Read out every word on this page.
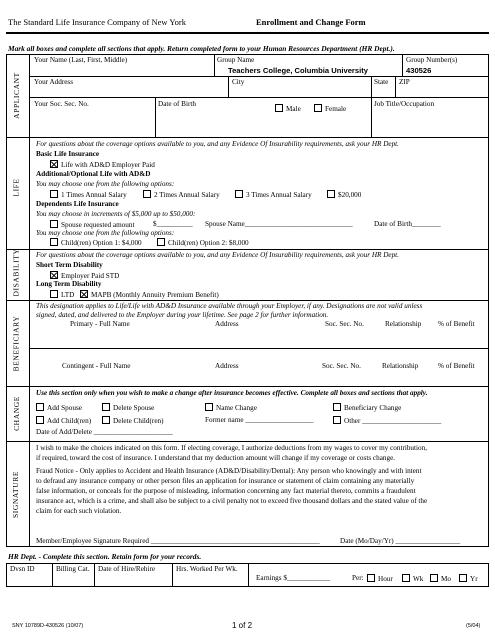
The Standard Life Insurance Company of New York	Enrollment and Change Form
Mark all boxes and complete all sections that apply. Return completed form to your Human Resources Department (HR Dept.).
APPLICANT
Your Name (Last, First, Middle)	Group Name
Teachers College, Columbia University
Group Number(s)
430526
Your Address	City	State ZIP
Your Soc. Sec. No.	Date of Birth
Male	Female
Job Title/Occupation
LIFE
For questions about the coverage options available to you, and any Evidence Of Insurability requirements, ask your HR Dept.
Basic Life Insurance
Life with AD&D Employer Paid
Additional/Optional Life with AD&D
You may choose one from the following options:
1 Times Annual Salary	2 Times Annual Salary	3 Times Annual Salary	$20,000
Dependents Life Insurance
You may choose in increments of $5,000 up to $50,000:
Spouse requested amount	$__________ Spouse Name______________________________	Date of Birth________
You may choose one from the following options:
Child(ren) Option 1: $4,000	Child(ren) Option 2: $8,000
DISABILITY For questions about the coverage options available to you, and any Evidence Of Insurability requirements, ask your HR Dept.
Short Term Disability
Employer Paid STD
Long Term Disability
LTD	MAPB (Monthly Annuity Premium Benefit)
BENEFICIARY
This designation applies to Life/Life with AD&D Insurance available through your Employer, if any. Designations are not valid unless
signed, dated, and delivered to the Employer during your lifetime. See page 2 for further information.
Primary - Full Name	Address	Soc. Sec. No.	Relationship % of Benefit
Contingent - Full Name	Address	Soc. Sec. No.	Relationship	% of Benefit
CHANGE
Use this section only when you wish to make a change after insurance becomes effective. Complete all boxes and sections that apply.
Add Spouse	Delete Spouse	Name Change	Beneficiary Change
Add Child(ren)	Delete Child(ren)	Former name ___________________	Other ______________________
Date of Add/Delete ______________________
SIGNATURE
I wish to make the choices indicated on this form. If electing coverage, I authorize deductions from my wages to cover my contribution,
if required, toward the cost of insurance. I understand that my deduction amount will change if my coverage or costs change.
Fraud Notice - Only applies to Accident and Health Insurance (AD&D/Disability/Dental): Any person who knowingly and with intent
to defraud any insurance company or other person files an application for insurance or statement of claim containing any materially
false information, or conceals for the purpose of misleading, information concerning any fact material thereto, commits a fraudulent
insurance act, which is a crime, and shall also be subject to a civil penalty not to exceed five thousand dollars and the stated value of the
claim for each such violation.
Member/Employee Signature Required _______________________________________________	Date (Mo/Day/Yr) __________________
HR Dept. - Complete this section. Retain form for your records.
Dvsn ID	Billing Cat. Date of Hire/Rehire	Hrs. Worked Per Wk.
Earnings $____________	Per:	Hour	Wk	Mo	Yr
SNY 10789D-430526 (10/07)	1 of 2	(5/04)
